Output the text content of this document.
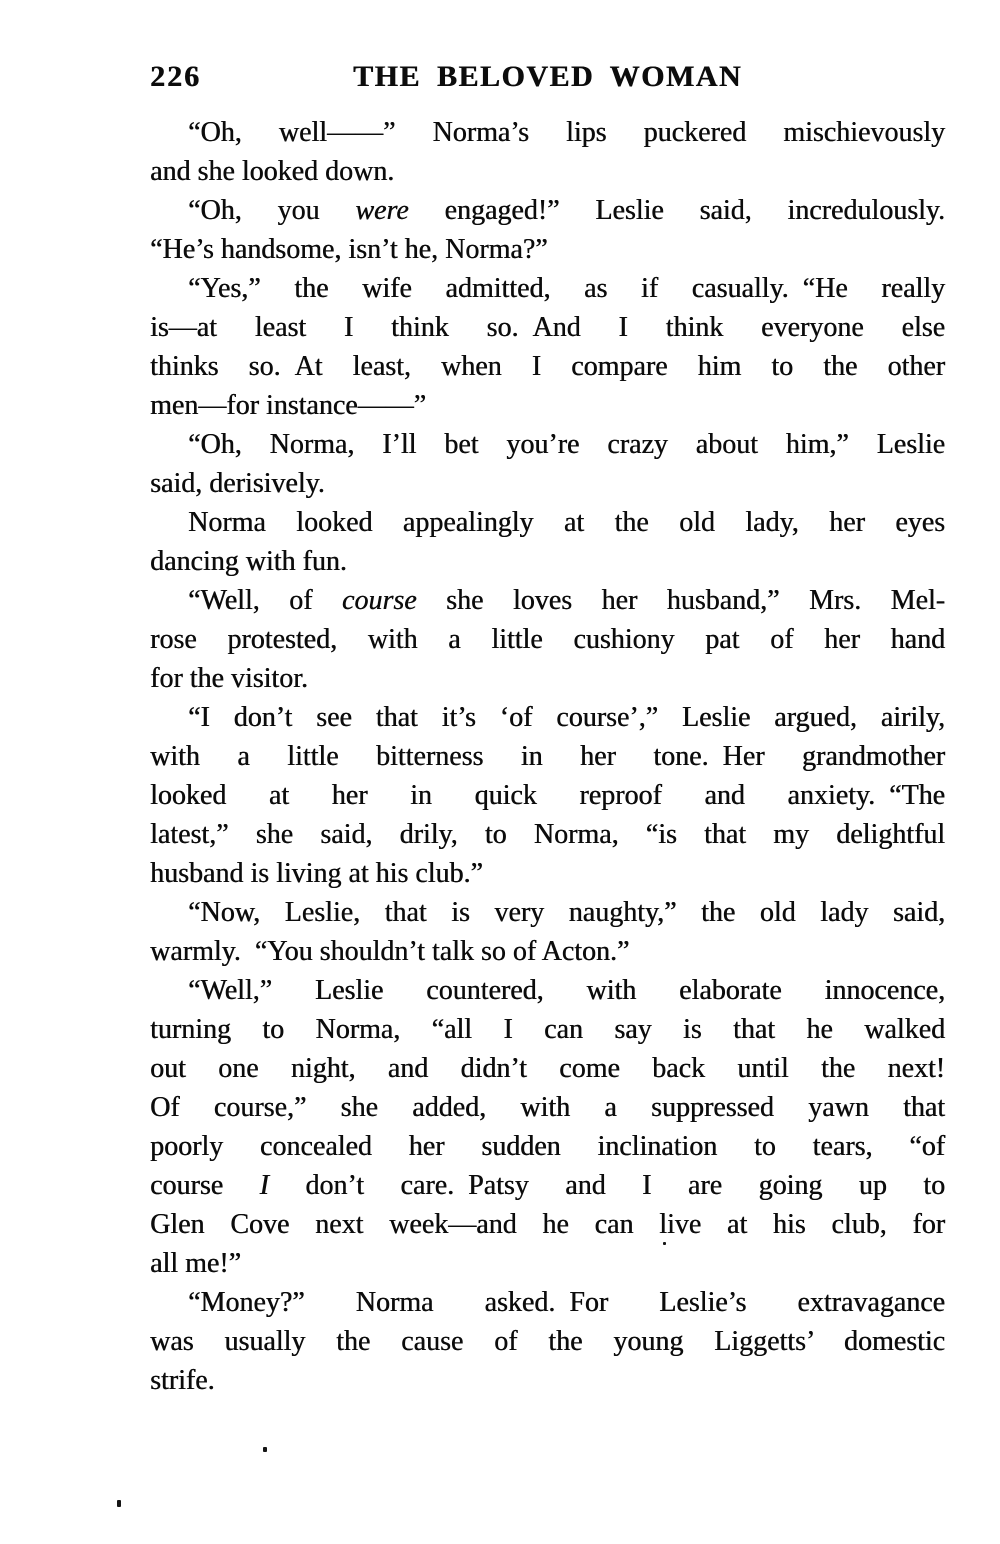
226	THE BELOVED WOMAN
“Oh, well——” Norma’s lips puckered mischievously
and she looked down.
“Oh, you were engaged!” Leslie said, incredulously.
“He’s handsome, isn’t he, Norma?”
“Yes,” the wife admitted, as if casually. “He really
is—at least I think so. And I think everyone else
thinks so. At least, when I compare him to the other
men—for instance——”
“Oh, Norma, I’ll bet you’re crazy about him,” Leslie
said, derisively.
Norma looked appealingly at the old lady, her eyes
dancing with fun.
“Well, of course she loves her husband,” Mrs. Mel-
rose protested, with a little cushiony pat of her hand
for the visitor.
“I don’t see that it’s ‘of course’,” Leslie argued, airily,
with a little bitterness in her tone. Her grandmother
looked at her in quick reproof and anxiety. “The
latest,” she said, drily, to Norma, “is that my delightful
husband is living at his club.”
“Now, Leslie, that is very naughty,” the old lady said,
warmly. “You shouldn’t talk so of Acton.”
“Well,” Leslie countered, with elaborate innocence,
turning to Norma, “all I can say is that he walked
out one night, and didn’t come back until the next!
Of course,” she added, with a suppressed yawn that
poorly concealed her sudden inclination to tears, “of
course I don’t care. Patsy and I are going up to
Glen Cove next week—and he can live at his club, for
all me!”
“Money?” Norma asked. For Leslie’s extravagance
was usually the cause of the young Liggetts’ domestic
strife.
